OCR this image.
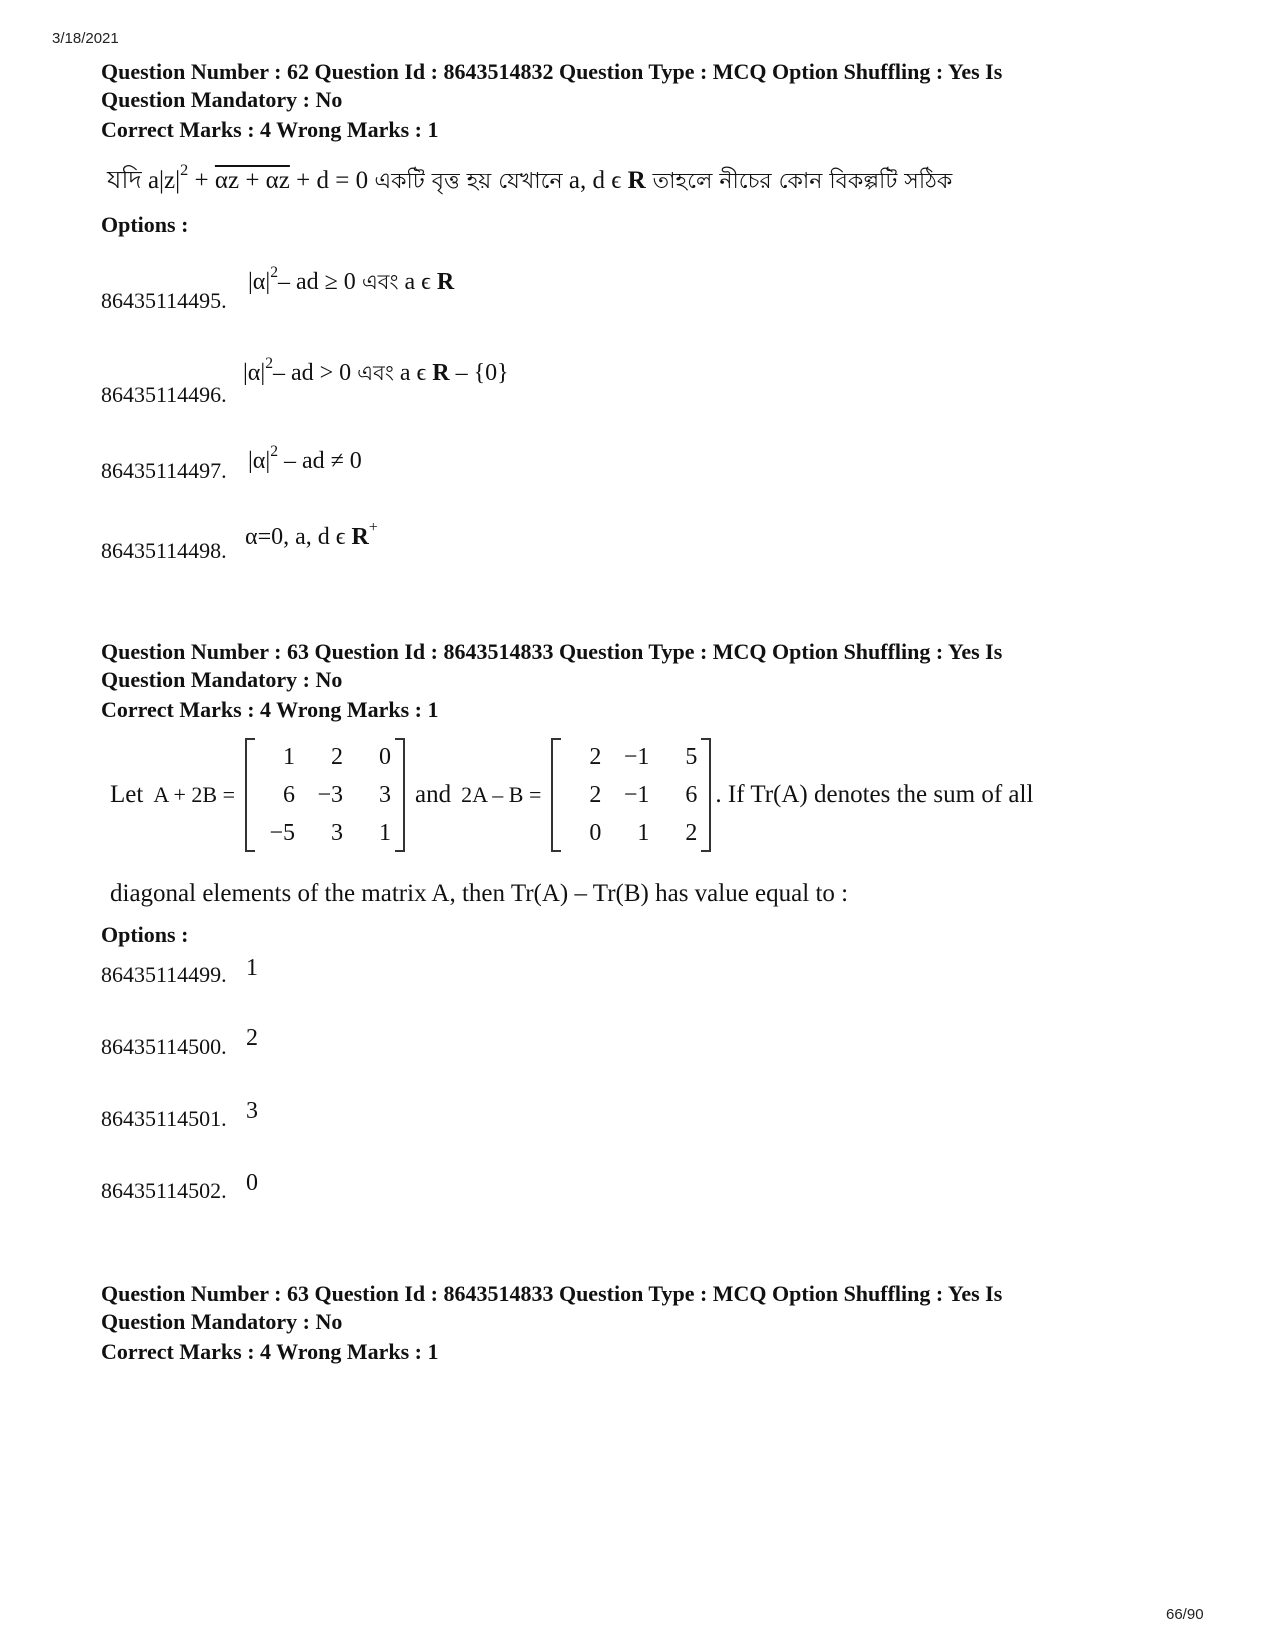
3/18/2021
Question Number : 62 Question Id : 8643514832 Question Type : MCQ Option Shuffling : Yes Is
Question Mandatory : No
Correct Marks : 4 Wrong Marks : 1
যদি $a|z|^2 + \alpha z + \alpha z + d = 0$ একটি বৃত্ত হয় যেখানে a, d ϵ R তাহলে নীচের কোন বিকল্পটি সঠিক
Options :
86435114495.
$|\alpha|^2-$ ad ≥ 0 এবং a ϵ R
86435114496.
$|\alpha|^2-$ ad > 0 এবং a ϵ R – {0}
86435114497. $|\alpha|^2$ – ad ≠ 0
86435114498.
α=0, a, d ϵ R+
Question Number : 63 Question Id : 8643514833 Question Type : MCQ Option Shuffling : Yes Is
Question Mandatory : No
Correct Marks : 4 Wrong Marks : 1
Let A + 2B =
1	2	0
6 −3	3
−5	3	1
and 2A – B =
2 −1	5
2 −1	6
0	1	2
. If Tr(A) denotes the sum of all
diagonal elements of the matrix A, then Tr(A) – Tr(B) has value equal to :
Options :
86435114499. 1
86435114500. 2
86435114501. 3
86435114502. 0
Question Number : 63 Question Id : 8643514833 Question Type : MCQ Option Shuffling : Yes Is
Question Mandatory : No
Correct Marks : 4 Wrong Marks : 1
66/90
